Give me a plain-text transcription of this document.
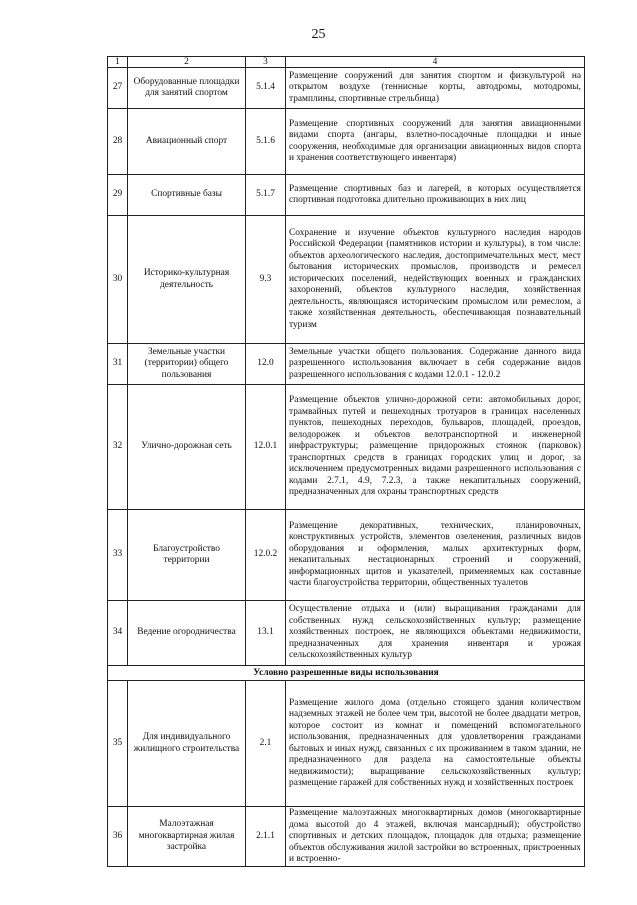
25
1	2	3	4
27	Оборудованные площадки для занятий спортом	5.1.4	Размещение сооружений для занятия спортом и физкультурой на открытом воздухе (теннисные корты, автодромы, мотодромы, трамплины, спортивные стрельбища)
28	Авиационный спорт	5.1.6	Размещение спортивных сооружений для занятия авиационными видами спорта (ангары, взлетно-посадочные площадки и иные сооружения, необходимые для организации авиационных видов спорта и хранения соответствующего инвентаря)
29	Спортивные базы	5.1.7	Размещение спортивных баз и лагерей, в которых осуществляется спортивная подготовка длительно проживающих в них лиц
30	Историко-культурная деятельность	9.3	Сохранение и изучение объектов культурного наследия народов Российской Федерации (памятников истории и культуры), в том числе: объектов археологического наследия, достопримечательных мест, мест бытования исторических промыслов, производств и ремесел исторических поселений, недействующих военных и гражданских захоронений, объектов культурного наследия, хозяйственная деятельность, являющаяся историческим промыслом или ремеслом, а также хозяйственная деятельность, обеспечивающая познавательный туризм
31	Земельные участки (территории) общего пользования	12.0	Земельные участки общего пользования. Содержание данного вида разрешенного использования включает в себя содержание видов разрешенного использования с кодами 12.0.1 - 12.0.2
32	Улично-дорожная сеть	12.0.1	Размещение объектов улично-дорожной сети: автомобильных дорог, трамвайных путей и пешеходных тротуаров в границах населенных пунктов, пешеходных переходов, бульваров, площадей, проездов, велодорожек и объектов велотранспортной и инженерной инфраструктуры; размещение придорожных стоянок (парковок) транспортных средств в границах городских улиц и дорог, за исключением предусмотренных видами разрешенного использования с кодами 2.7.1, 4.9, 7.2.3, а также некапитальных сооружений, предназначенных для охраны транспортных средств
33	Благоустройство территории	12.0.2	Размещение декоративных, технических, планировочных, конструктивных устройств, элементов озеленения, различных видов оборудования и оформления, малых архитектурных форм, некапитальных нестационарных строений и сооружений, информационных щитов и указателей, применяемых как составные части благоустройства территории, общественных туалетов
34	Ведение огородничества	13.1	Осуществление отдыха и (или) выращивания гражданами для собственных нужд сельскохозяйственных культур; размещение хозяйственных построек, не являющихся объектами недвижимости, предназначенных для хранения инвентаря и урожая сельскохозяйственных культур
Условно разрешенные виды использования			
35	Для индивидуального жилищного строительства	2.1	Размещение жилого дома (отдельно стоящего здания количеством надземных этажей не более чем три, высотой не более двадцати метров, которое состоит из комнат и помещений вспомогательного использования, предназначенных для удовлетворения гражданами бытовых и иных нужд, связанных с их проживанием в таком здании, не предназначенного для раздела на самостоятельные объекты недвижимости); выращивание сельскохозяйственных культур; размещение гаражей для собственных нужд и хозяйственных построек
36	Малоэтажная многоквартирная жилая застройка	2.1.1	Размещение малоэтажных многоквартирных домов (многоквартирные дома высотой до 4 этажей, включая мансардный); обустройство спортивных и детских площадок, площадок для отдыха; размещение объектов обслуживания жилой застройки во встроенных, пристроенных и встроенно-
